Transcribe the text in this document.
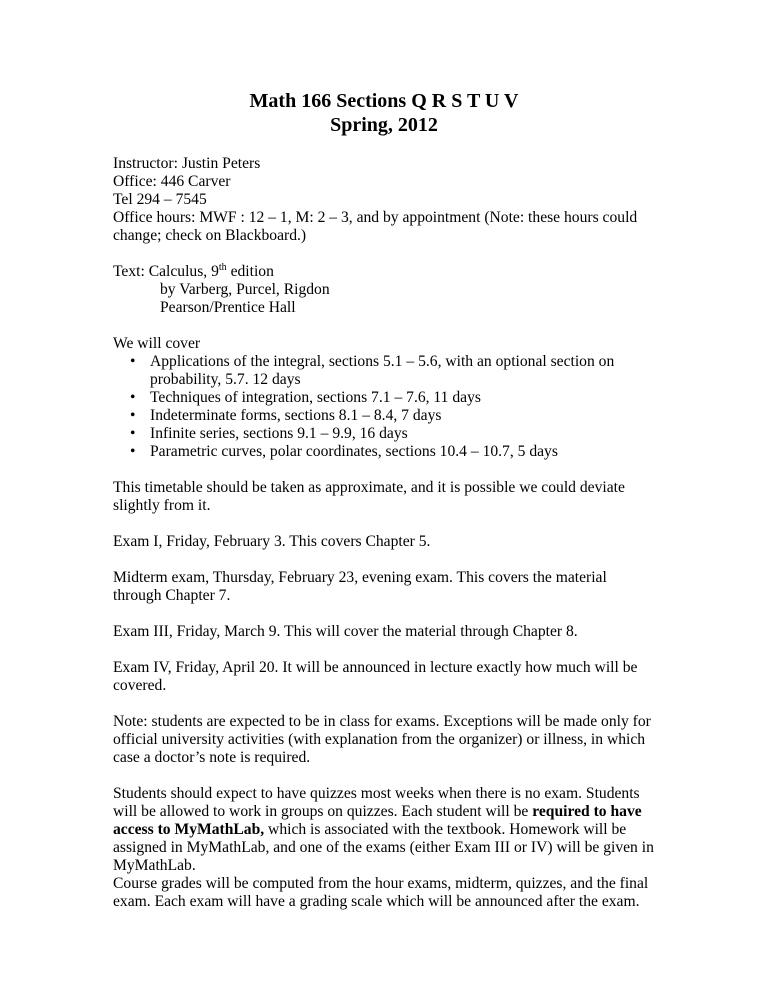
Math 166 Sections Q R S T U V
Spring, 2012
Instructor: Justin Peters
Office: 446 Carver
Tel 294 – 7545
Office hours: MWF : 12 – 1, M: 2 – 3, and by appointment (Note: these hours could
change; check on Blackboard.)
Text: Calculus, 9th edition
by Varberg, Purcel, Rigdon
Pearson/Prentice Hall
We will cover
• Applications of the integral, sections 5.1 – 5.6, with an optional section on probability, 5.7. 12 days
• Techniques of integration, sections 7.1 – 7.6, 11 days
• Indeterminate forms, sections 8.1 – 8.4, 7 days
• Infinite series, sections 9.1 – 9.9, 16 days
• Parametric curves, polar coordinates, sections 10.4 – 10.7, 5 days
This timetable should be taken as approximate, and it is possible we could deviate slightly from it.
Exam I, Friday, February 3. This covers Chapter 5.
Midterm exam, Thursday, February 23, evening exam. This covers the material through Chapter 7.
Exam III, Friday, March 9. This will cover the material through Chapter 8.
Exam IV, Friday, April 20. It will be announced in lecture exactly how much will be covered.
Note: students are expected to be in class for exams. Exceptions will be made only for official university activities (with explanation from the organizer) or illness, in which case a doctor’s note is required.
Students should expect to have quizzes most weeks when there is no exam. Students will be allowed to work in groups on quizzes. Each student will be required to have access to MyMathLab, which is associated with the textbook. Homework will be assigned in MyMathLab, and one of the exams (either Exam III or IV) will be given in MyMathLab.
Course grades will be computed from the hour exams, midterm, quizzes, and the final exam. Each exam will have a grading scale which will be announced after the exam.
